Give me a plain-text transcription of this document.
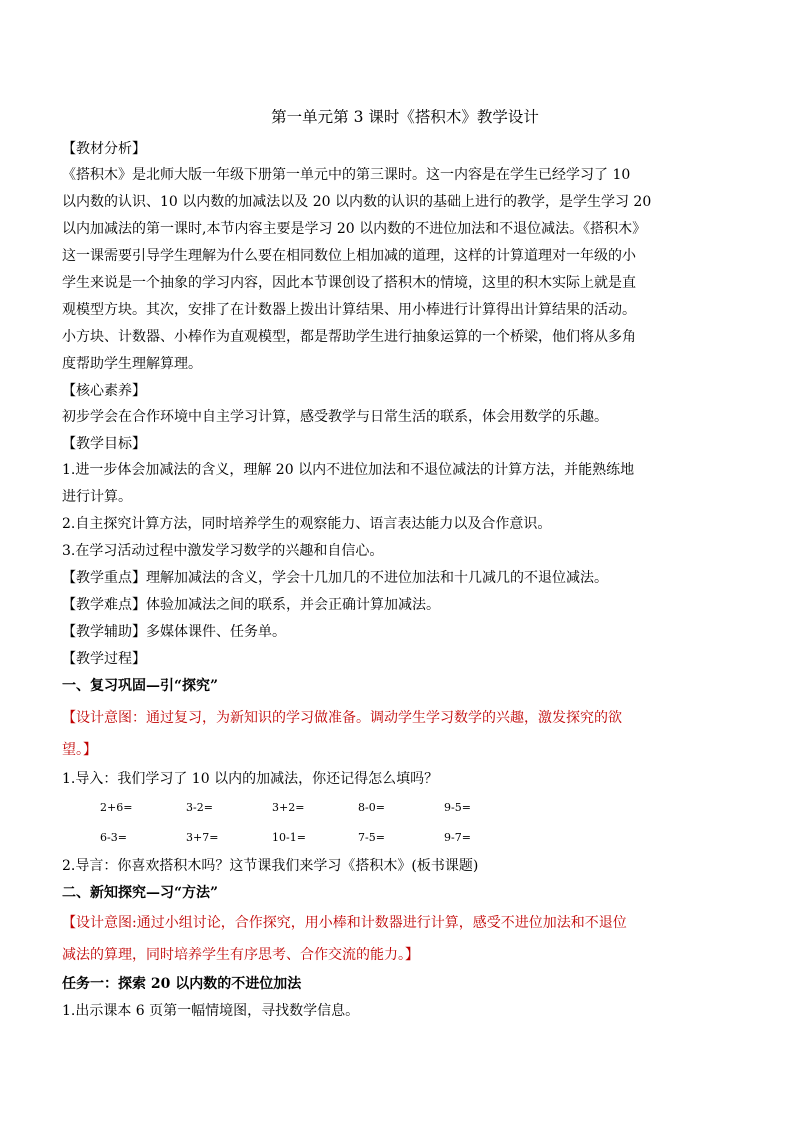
第一单元第 3 课时《搭积木》教学设计

【教材分析】

《搭积木》是北师大版一年级下册第一单元中的第三课时。这一内容是在学生已经学习了 10

以内数的认识、10 以内数的加减法以及 20 以内数的认识的基础上进行的教学，是学生学习 20

以内加减法的第一课时,本节内容主要是学习 20 以内数的不进位加法和不退位减法。《搭积木》

这一课需要引导学生理解为什么要在相同数位上相加减的道理，这样的计算道理对一年级的小

学生来说是一个抽象的学习内容，因此本节课创设了搭积木的情境，这里的积木实际上就是直

观模型方块。其次，安排了在计数器上拨出计算结果、用小棒进行计算得出计算结果的活动。

小方块、计数器、小棒作为直观模型，都是帮助学生进行抽象运算的一个桥梁，他们将从多角

度帮助学生理解算理。

【核心素养】

初步学会在合作环境中自主学习计算，感受教学与日常生活的联系，体会用数学的乐趣。

【教学目标】

1.进一步体会加减法的含义，理解 20 以内不进位加法和不退位减法的计算方法，并能熟练地

进行计算。

2.自主探究计算方法，同时培养学生的观察能力、语言表达能力以及合作意识。

3.在学习活动过程中激发学习数学的兴趣和自信心。

【教学重点】理解加减法的含义，学会十几加几的不进位加法和十几减几的不退位减法。

【教学难点】体验加减法之间的联系，并会正确计算加减法。

【教学辅助】多媒体课件、任务单。

【教学过程】

一、复习巩固—引“探究”

【设计意图：通过复习，为新知识的学习做准备。调动学生学习数学的兴趣，激发探究的欲

望。】

1.导入：我们学习了 10 以内的加减法，你还记得怎么填吗？

2+6=	3-2=	3+2=	8-0=	9-5=
6-3=	3+7=	10-1=	7-5=	9-7=

2.导言：你喜欢搭积木吗？这节课我们来学习《搭积木》(板书课题)

二、新知探究—习“方法”

【设计意图:通过小组讨论，合作探究，用小棒和计数器进行计算，感受不进位加法和不退位

减法的算理，同时培养学生有序思考、合作交流的能力。】

任务一：探索 20 以内数的不进位加法

1.出示课本 6 页第一幅情境图，寻找数学信息。
